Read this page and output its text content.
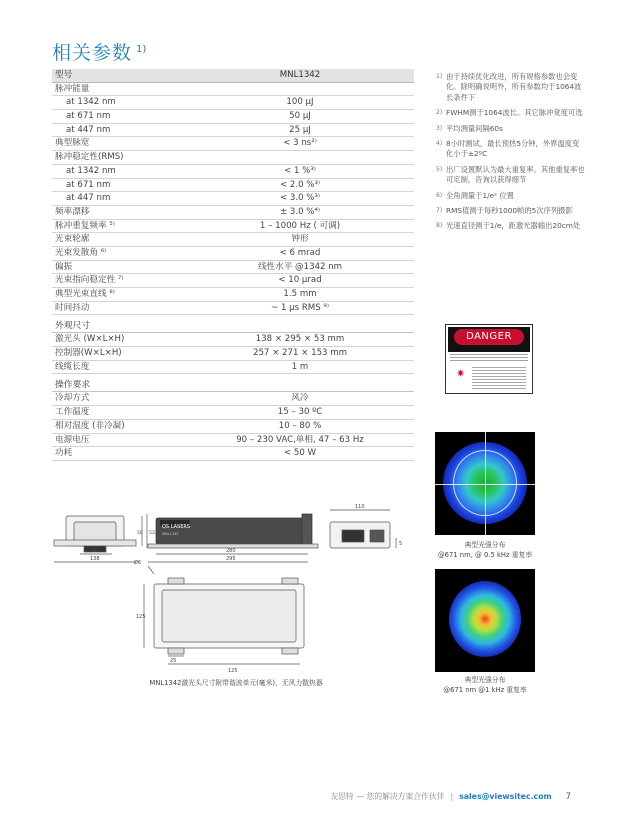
相关参数 $^{1)}$
型号	MNL1342
脉冲能量
at 1342 nm	100 μJ
at 671 nm	50 μJ
at 447 nm	25 μJ
典型脉宽	< 3 ns²⁾
脉冲稳定性(RMS)
at 1342 nm	< 1 %³⁾
at 671 nm	< 2.0 %³⁾
at 447 nm	< 3.0 %³⁾
频率漂移	± 3.0 %⁴⁾
脉冲重复频率 ⁵⁾	1 – 1000 Hz ( 可调)
光束轮廓	钟形
光束发散角 ⁶⁾	< 6 mrad
偏振	线性水平 @1342 nm
光束指向稳定性 ⁷⁾	< 10 μrad
典型光束直线 ⁸⁾	1.5 mm
时间抖动	~ 1 μs RMS ⁹⁾
外观尺寸
激光头 (W×L×H)	138 × 295 × 53 mm
控制器(W×L×H)	257 × 271 × 153 mm
线缆长度	1 m
操作要求
冷却方式	风冷
工作温度	15 – 30 ºC
相对湿度 (非冷凝)	10 – 80 %
电源电压	90 – 230 VAC,单相, 47 – 63 Hz
功耗	< 50 W
1) 由于持续优化改进，所有规格参数也会变化。除明确说明外，所有参数均于1064波长条件下
2) FWHM测于1064波长。其它脉冲宽度可选
3) 平均测量间隔60s
4) 8小时测试，最长预热5分钟，外界温度变化小于±2ºC
5) 出厂设置默认为最大重复率。其他重复率也可定制，咨询以获得细节
6) 全角测量于1/e² 位置
7) RMS值测于每秒1000帧的5次序列摄影
8) 光速直径测于1/e，距激光器输出20cm处
DANGER
✷
典型光强分布
@671 nm, @ 0.5 kHz 重复率
典型光强分布
@671 nm @1 kHz 重复率
QS LASERS
MNL1342
138
40
50 53.5
280
295
110
5
Ø6
125
25
125
MNL1342激光头尺寸附带谐波单元(毫米)，无风力散热器
友思特 — 您的解决方案合作伙伴 | sales@viewsitec.com 7
